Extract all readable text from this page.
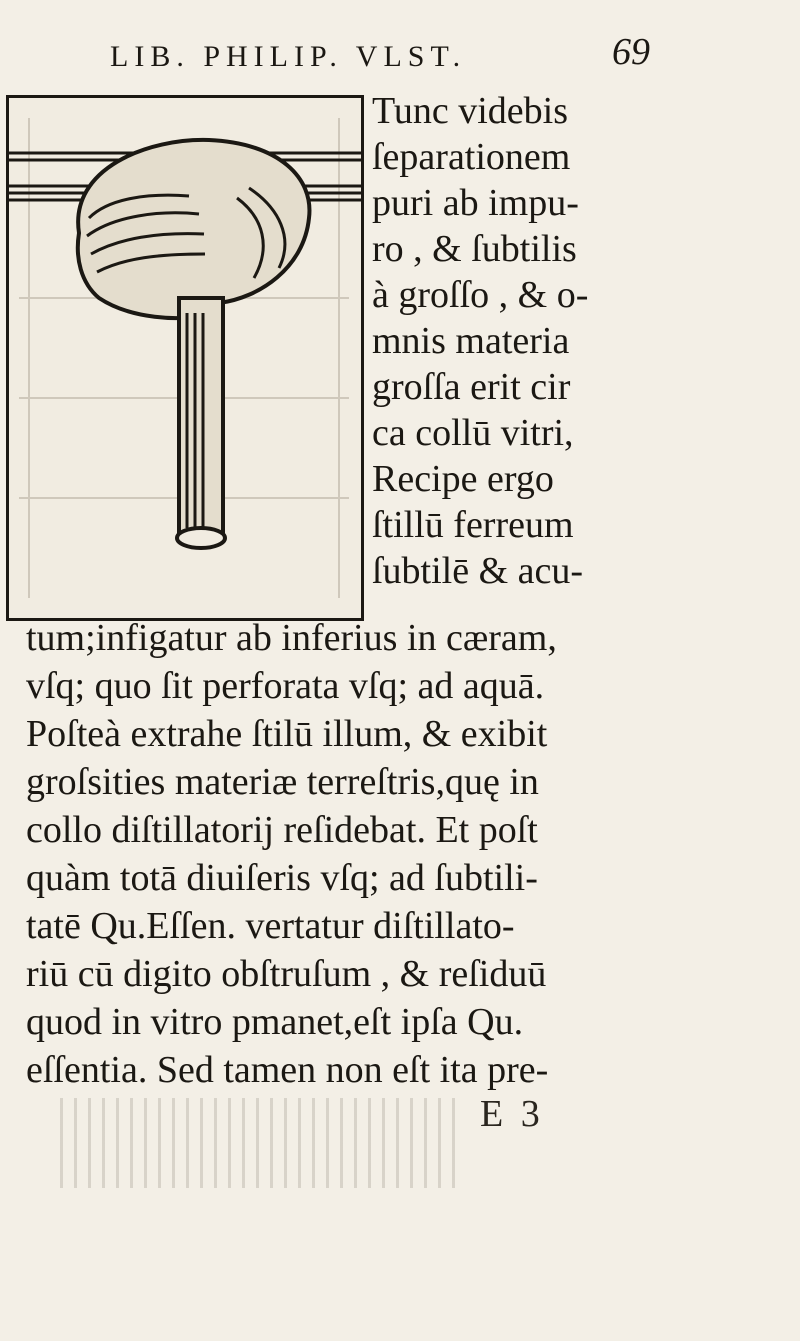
LIB. PHILIP. VLST.	69
Tunc videbis
ſeparationem
puri ab impu-
ro , & ſubtilis
à groſſo , & o-
mnis materia
groſſa erit cir
ca collū vitri,
Recipe ergo
ſtillū ferreum
ſubtilē & acu-
tum;infigatur ab inferius in cæram,
vſq; quo ſit perforata vſq; ad aquā.
Poſteà extrahe ſtilū illum, & exibit
groſsities materiæ terreſtris,quę in
collo diſtillatorij reſidebat. Et poſt
quàm totā diuiſeris vſq; ad ſubtili-
tatē Qu.Eſſen. vertatur diſtillato-
riū cū digito obſtruſum , & reſiduū
quod in vitro pmanet,eſt ipſa Qu.
eſſentia. Sed tamen non eſt ita pre-
E 3
